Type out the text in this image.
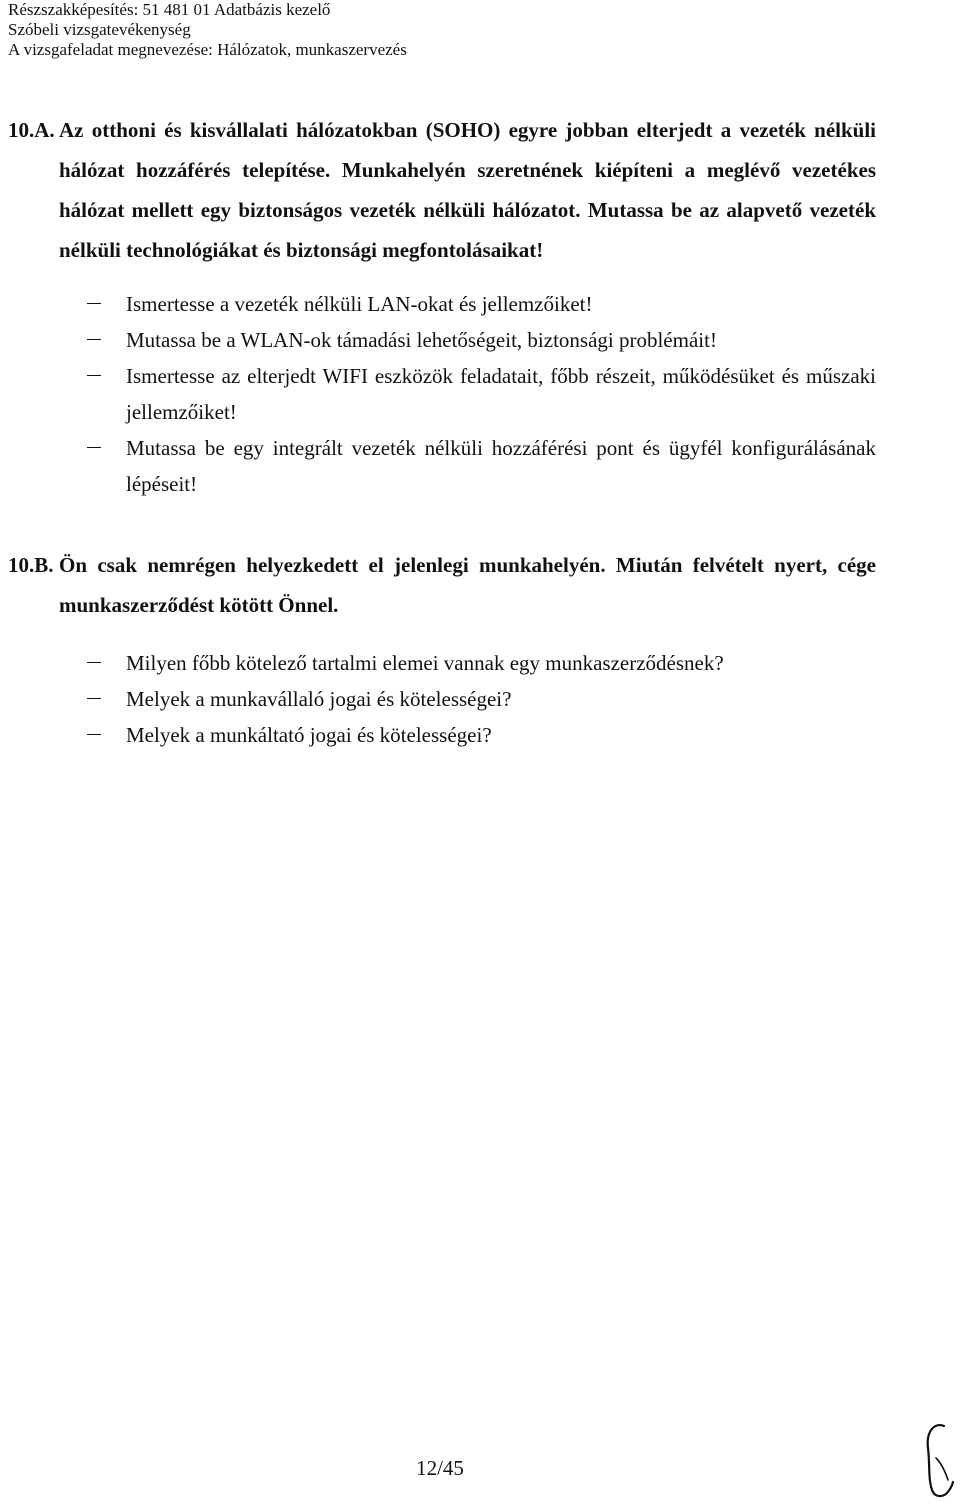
Részszakképesítés: 51 481 01 Adatbázis kezelő
Szóbeli vizsgatevékenység
A vizsgafeladat megnevezése: Hálózatok, munkaszervezés
10.A. Az otthoni és kisvállalati hálózatokban (SOHO) egyre jobban elterjedt a vezeték nélküli hálózat hozzáférés telepítése. Munkahelyén szeretnének kiépíteni a meglévő vezetékes hálózat mellett egy biztonságos vezeték nélküli hálózatot. Mutassa be az alapvető vezeték nélküli technológiákat és biztonsági megfontolásaikat!
Ismertesse a vezeték nélküli LAN-okat és jellemzőiket!
Mutassa be a WLAN-ok támadási lehetőségeit, biztonsági problémáit!
Ismertesse az elterjedt WIFI eszközök feladatait, főbb részeit, működésüket és műszaki jellemzőiket!
Mutassa be egy integrált vezeték nélküli hozzáférési pont és ügyfél konfigurálásának lépéseit!
10.B. Ön csak nemrégen helyezkedett el jelenlegi munkahelyén. Miután felvételt nyert, cége munkaszerződést kötött Önnel.
Milyen főbb kötelező tartalmi elemei vannak egy munkaszerződésnek?
Melyek a munkavállaló jogai és kötelességei?
Melyek a munkáltató jogai és kötelességei?
12/45
